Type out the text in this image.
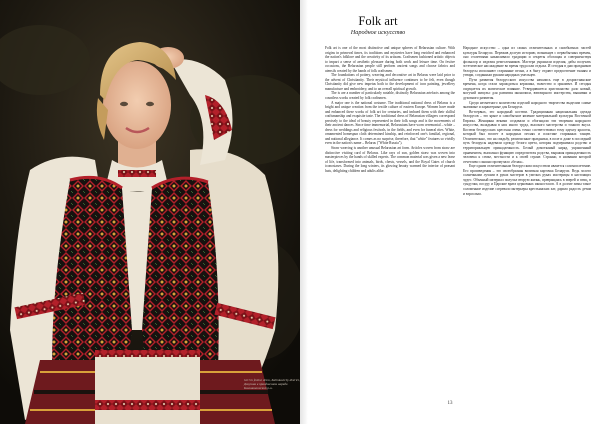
Girl in festive dress, Kalinkavichy district,
Девушка в праздничном наряде.
Калинковичский p-н.
Folk art
Народное искусство

Folk art is one of the most distinctive and unique spheres of Belarusian culture. With origins in primeval times, its traditions and mysteries have long enriched and enhanced the nation's folklore and the creativity of its artisans. Craftsmen fashioned artistic objects to impart a sense of aesthetic pleasure during both work and leisure time. On festive occasions, the Belarusian people still perform ancient songs and choose fabrics and utensils created by the hands of folk craftsmen.

The foundations of pottery, weaving and decorative art in Belarus were laid prior to the advent of Christianity. Their mystical influence continues to be felt, even though Christianity did give new impetus both to the development of icon painting, jewellery manufacture and embroidery, and to an overall spiritual growth.

The is are a number of particularly notable, distinctly Belarusian artefacts among the countless works created by folk craftsmen.

A major one is the national costume. The traditional national dress of Belarus is a bright and unique creation from the textile culture of eastern Europe. Women have made and enhanced these works of folk art for centuries, and imbued them with their skilful craftsmanship and exquisite taste. The traditional dress of Belarusian villagers correspond precisely to the ideal of beauty represented in their folk songs and is the movements of their ancient dances. Since time immemorial, Belarusians have worn ceremonial – white – dress for weddings and religious festivals, in the fields, and even for funeral rites. White, ornamented homespun cloth determined kinship, and reinforced one's familial, regional, and national allegiance. It comes as no surprise, therefore, that "white" features so vividly even in the nation's name – Belarus ("White Russia").

Straw weaving is another unusual Belarusian art form. Articles woven from straw are distinctive visiting card of Belarus. Like rays of sun, golden straw was woven into masterpieces by the hands of skilled experts. The common material was given a new lease of life, transformed into animals, birds, chests, vessels, and the Royal Gates of church iconostases. During the long winters, its glowing beauty warmed the interior of peasant huts, delighting children and adults alike.

Народное искусство – одна из самых отличительных и самобытных частей культуры Беларуси. Пережив долгую историю, возникнув с первобытных времен, оно столетиями накапливало традиции и секреты обогащая и совершенствуя фольклор и изделия ремесленников. Мастера украшали изделия, дабы получать эстетическое наслаждение во время труда или отдыха. И сегодня в дни праздников белорусы исполняют старинные песни, а в быту отдают предпочтение тканям и утвари, созданным руками народных умельцев.

Пути развития белорусского искусства начались еще в дохристианские времена, когда стали зарождаться керамика, ткачество и орнамент. И сегодня ощущается их магическое влияние. Утвердившееся христианство дало новый, могучий импульс для развития иконописи, ювелирного мастерства, вышивки и духовного развития.

Среди несметного количества изделий народного творчества выделим самые значимые и характерные для Беларуси.

Во-первых, это народный костюм. Традиционная национальная одежда белорусов – это яркое и самобытное явление материальной культуры Восточной Европы. Женщины веками создавали и обогащали эти творения народного искусства, вкладывая в них много труда, высокого мастерства и тонкого вкуса. Костюм белорусских крестьян очень точно соответствовал тому идеалу красоты, который был воспет в народных песнях и пластике старинных танцев. Отличительно, что на свадьбу, религиозные праздники, в поле и даже в последний путь белорусы надевали одежду белого цвета, которая подчеркивала родство и территориальную принадлежность. Белый домотканый наряд, украшенный орнаментом, выполнял функцию определителя родства, выражая принадлежность человека к семье, местности и к своей стране. Странно, в названии которой отчетливо слышно прозвучало «белая».

Еще одним отличительным белорусским искусством является соломоплетение. Его произведения – это своеобразная визитная карточка Беларуси. Ведь золото солнечными лучами в руках мастеров в умелых руках мастерицы в настоящих чудес. Обычный материал получал вторую жизнь, превращаясь в зверей и птиц, в сундучки, посуду и Царские врата церковных иконостасов. А в долгие зимы такое соломенное изделие согревало интерьеры крестьянских хат, дарило радость детям и взрослым.

13
